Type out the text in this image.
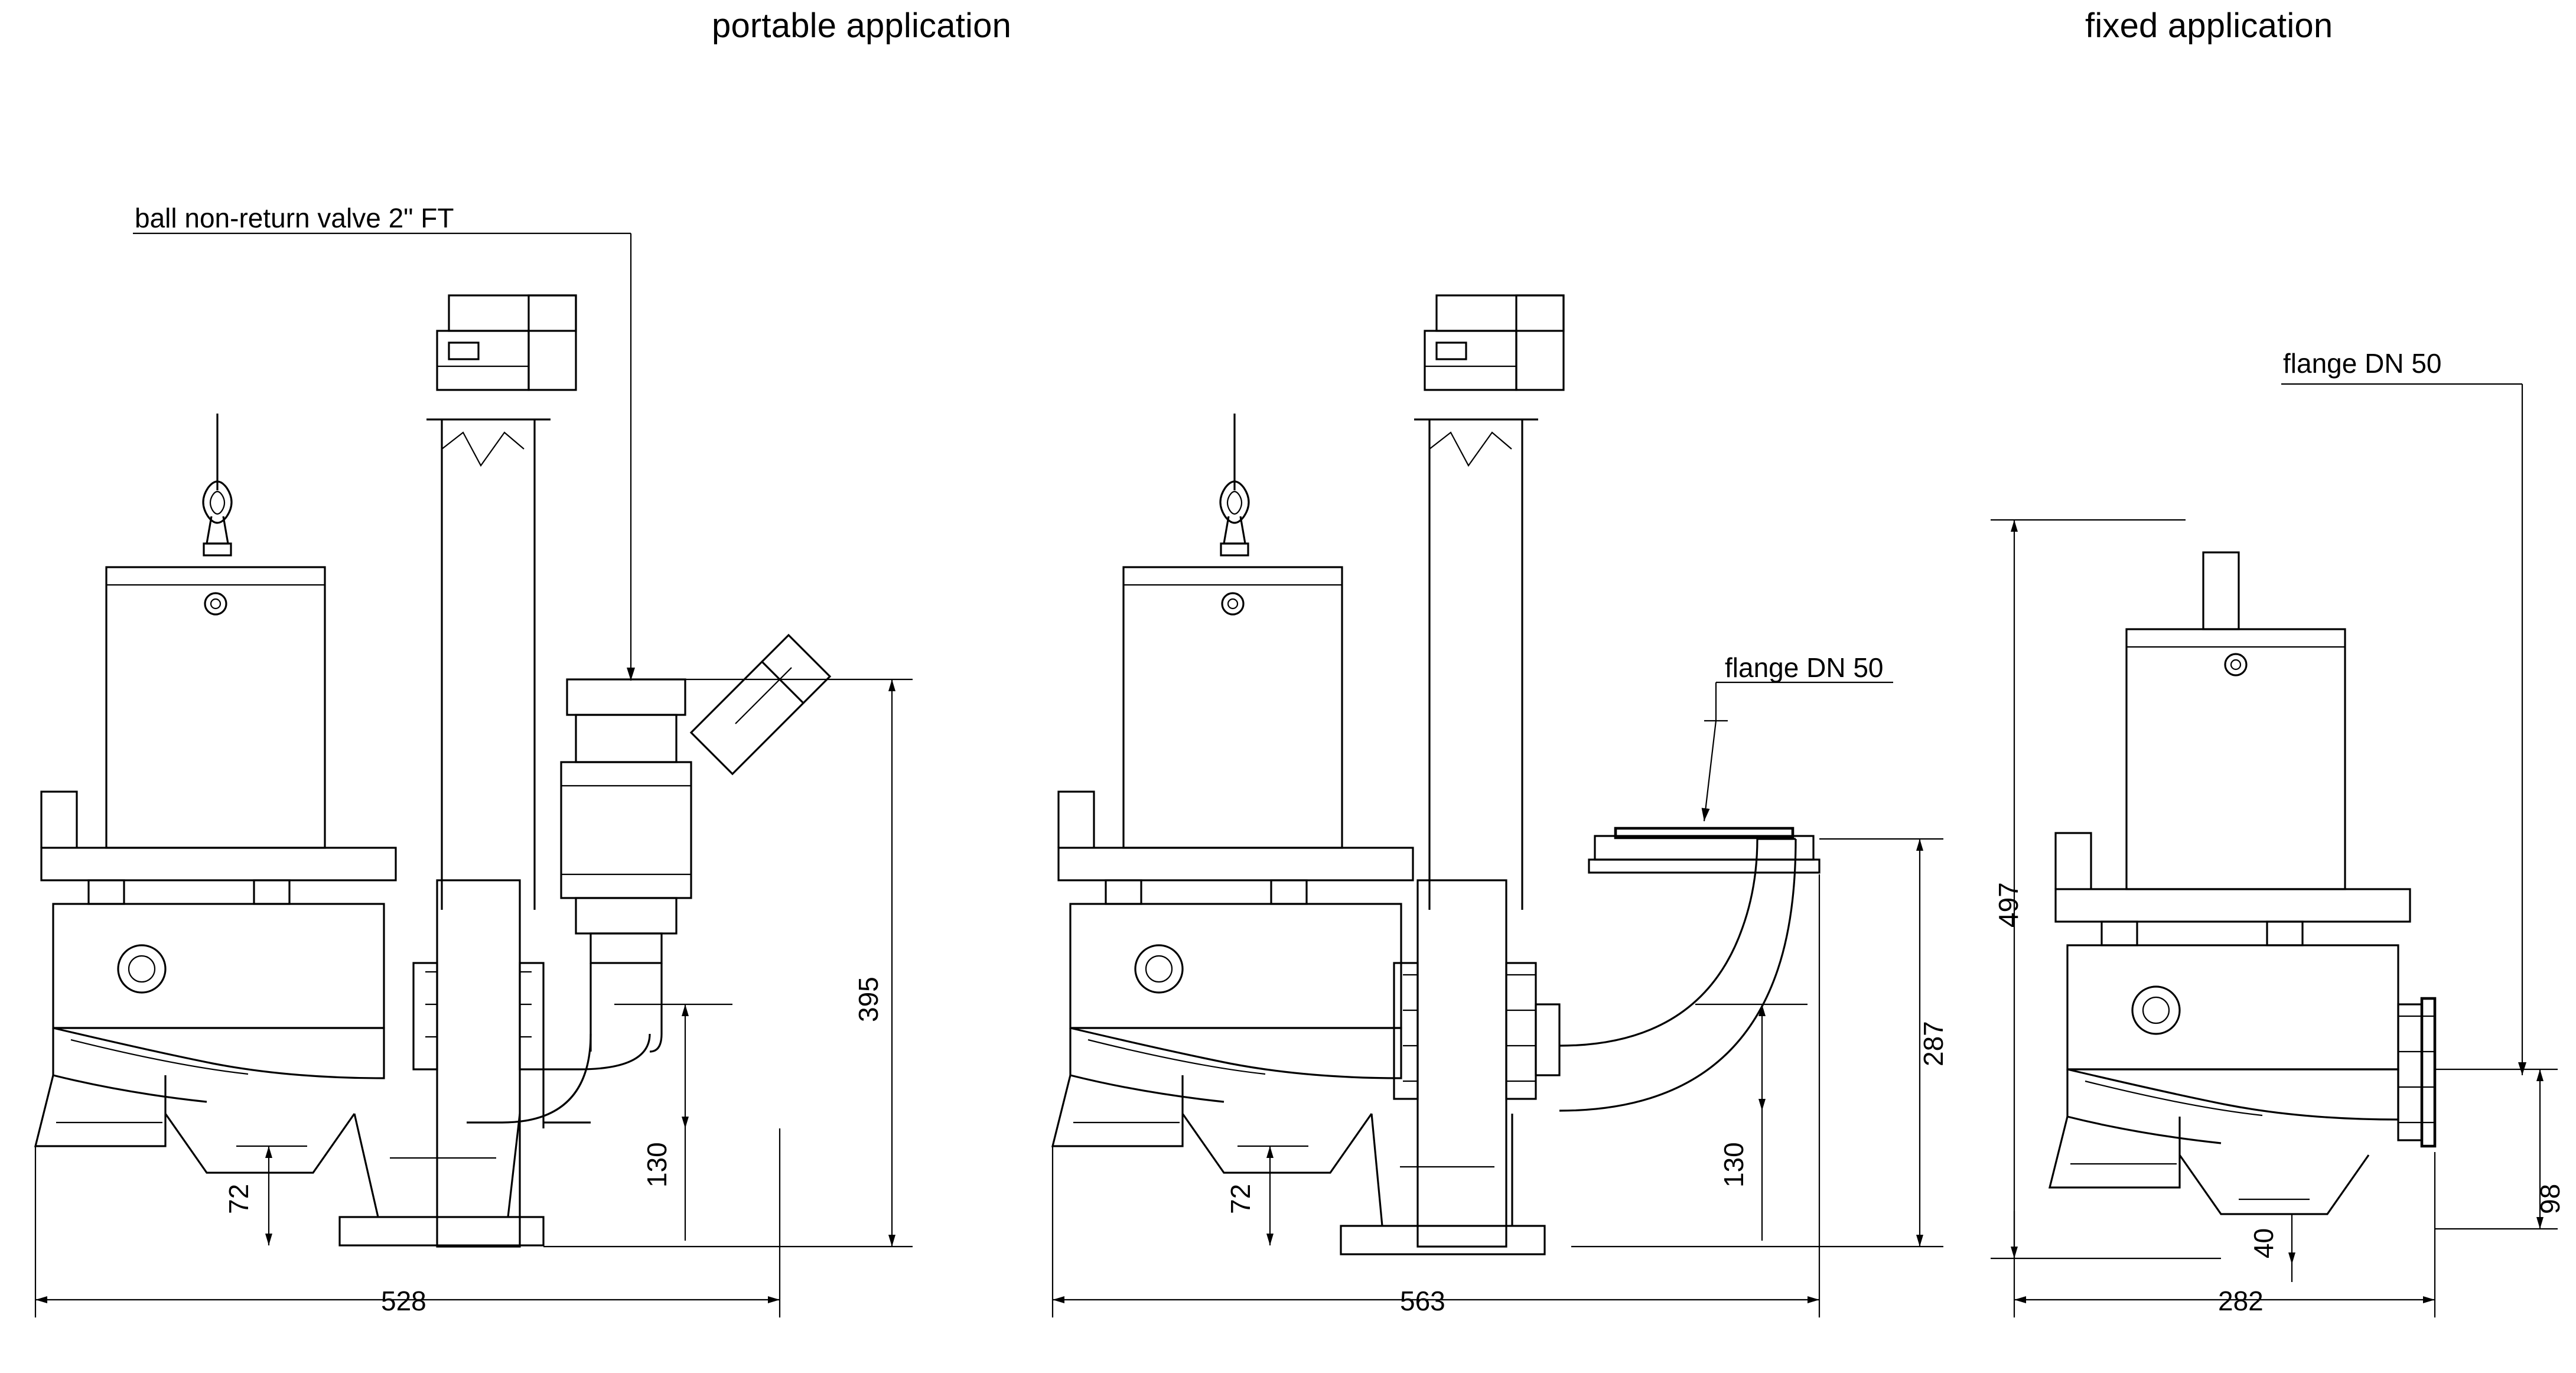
portable application	fixed application
ball non-return valve 2" FT
flange DN 50
flange DN 50
528
395
130
72
563
287
130
72
497
282
98
40
